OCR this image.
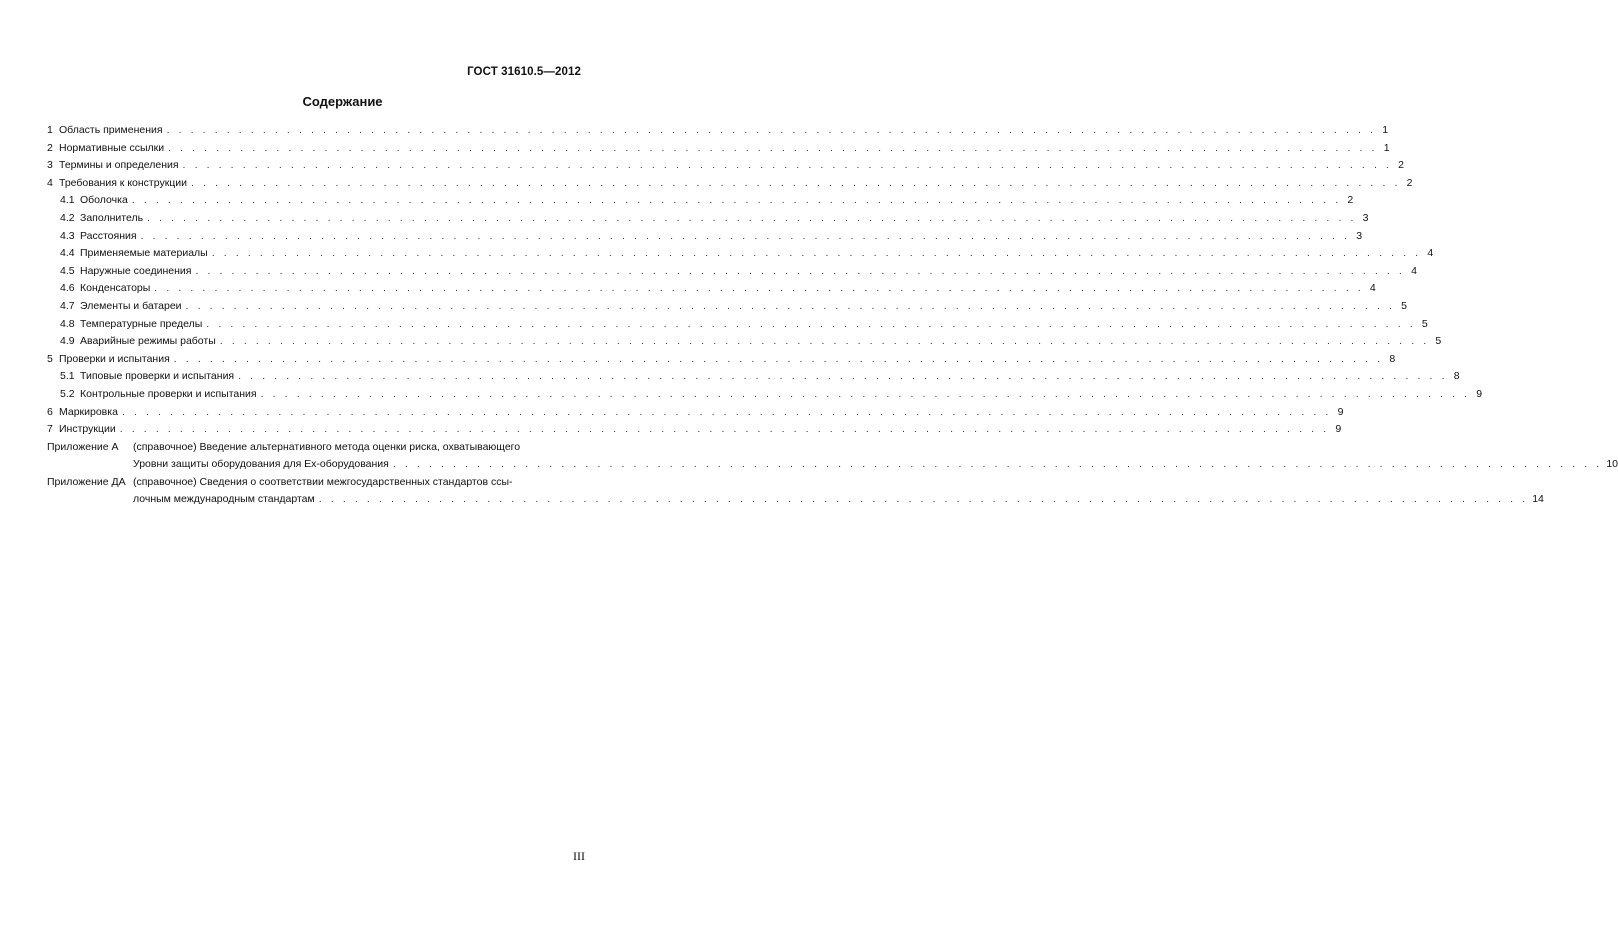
ГОСТ 31610.5—2012
Содержание
1 Область применения . . .	1
2 Нормативные ссылки . . .	1
3 Термины и определения . . .	2
4 Требования к конструкции . . .	2
4.1 Оболочка . . .	2
4.2 Заполнитель . . .	3
4.3 Расстояния . . .	3
4.4 Применяемые материалы . . .	4
4.5 Наружные соединения . . .	4
4.6 Конденсаторы . . .	4
4.7 Элементы и батареи . . .	5
4.8 Температурные пределы . . .	5
4.9 Аварийные режимы работы . . .	5
5 Проверки и испытания . . .	8
5.1 Типовые проверки и испытания . . .	8
5.2 Контрольные проверки и испытания . . .	9
6 Маркировка . . .	9
7 Инструкции . . .	9
Приложение А	(справочное) Введение альтернативного метода оценки риска, охватывающего
Уровни защиты оборудования для Ex-оборудования . . .	10
Приложение ДА (справочное) Сведения о соответствии межгосударственных стандартов ссы-
лочным международным стандартам . . .	14
III
